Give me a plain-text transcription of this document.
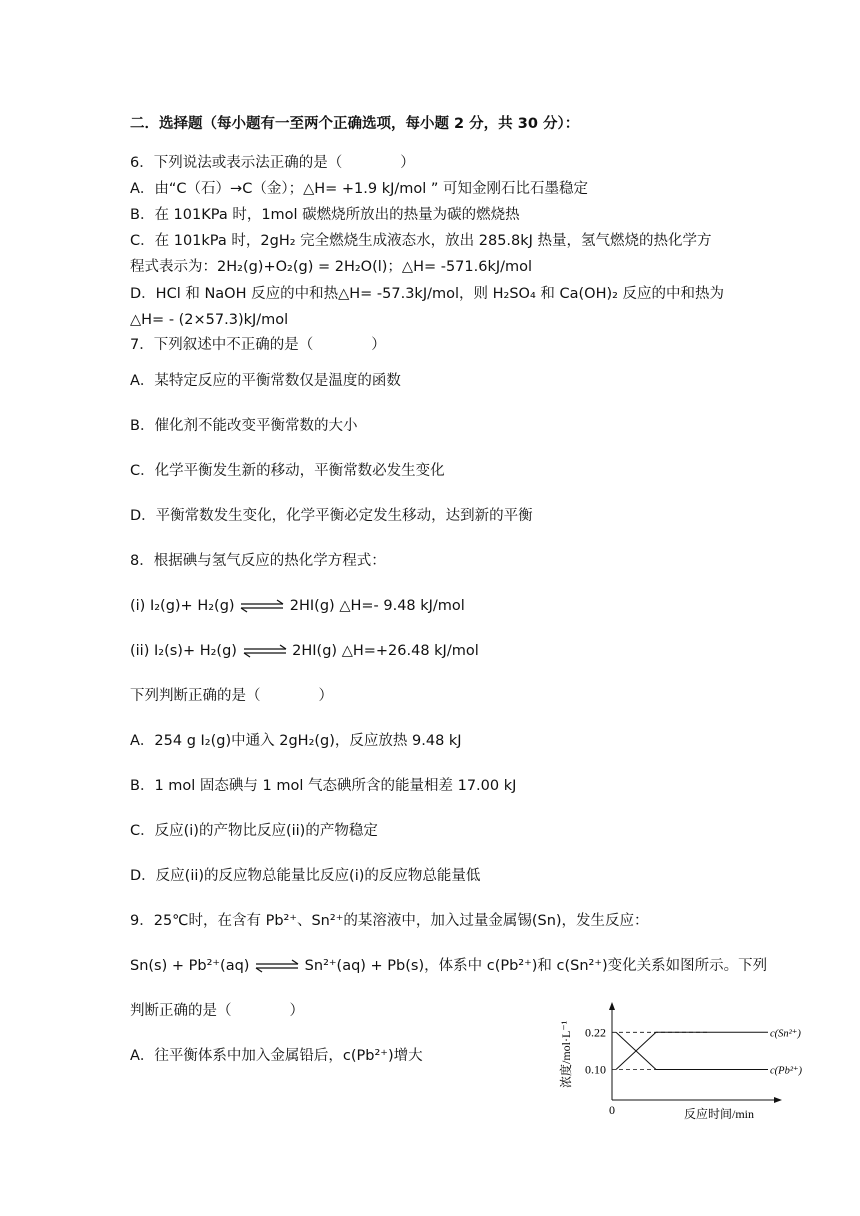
二．选择题（每小题有一至两个正确选项，每小题 2 分，共 30 分）：
6．下列说法或表示法正确的是（　　　　）
A．由“C（石）→C（金）；△H= +1.9 kJ/mol ” 可知金刚石比石墨稳定
B．在 101KPa 时，1mol 碳燃烧所放出的热量为碳的燃烧热
C．在 101kPa 时，2gH₂ 完全燃烧生成液态水，放出 285.8kJ 热量，氢气燃烧的热化学方
程式表示为：2H₂(g)+O₂(g) = 2H₂O(l)；△H= -571.6kJ/mol
D．HCl 和 NaOH 反应的中和热△H= -57.3kJ/mol，则 H₂SO₄ 和 Ca(OH)₂ 反应的中和热为
△H= - (2×57.3)kJ/mol
7．下列叙述中不正确的是（　　　　）
A．某特定反应的平衡常数仅是温度的函数
B．催化剂不能改变平衡常数的大小
C．化学平衡发生新的移动，平衡常数必发生变化
D．平衡常数发生变化，化学平衡必定发生移动，达到新的平衡
8．根据碘与氢气反应的热化学方程式：
(i) I₂(g)+ H₂(g) ⇌ 2HI(g) △H=- 9.48 kJ/mol
(ii) I₂(s)+ H₂(g) ⇌ 2HI(g) △H=+26.48 kJ/mol
下列判断正确的是（　　　　）
A．254 g I₂(g)中通入 2gH₂(g)，反应放热 9.48 kJ
B．1 mol 固态碘与 1 mol 气态碘所含的能量相差 17.00 kJ
C．反应(i)的产物比反应(ii)的产物稳定
D．反应(ii)的反应物总能量比反应(i)的反应物总能量低
9．25℃时，在含有 Pb²⁺、Sn²⁺的某溶液中，加入过量金属锡(Sn)，发生反应：
Sn(s) + Pb²⁺(aq) ⇌ Sn²⁺(aq) + Pb(s)，体系中 c(Pb²⁺)和 c(Sn²⁺)变化关系如图所示。下列
判断正确的是（　　　　）
A．往平衡体系中加入金属铅后，c(Pb²⁺)增大
0.22
0.10
0
c(Sn²⁺)
c(Pb²⁺)
反应时间/min
浓度/mol·L⁻¹
